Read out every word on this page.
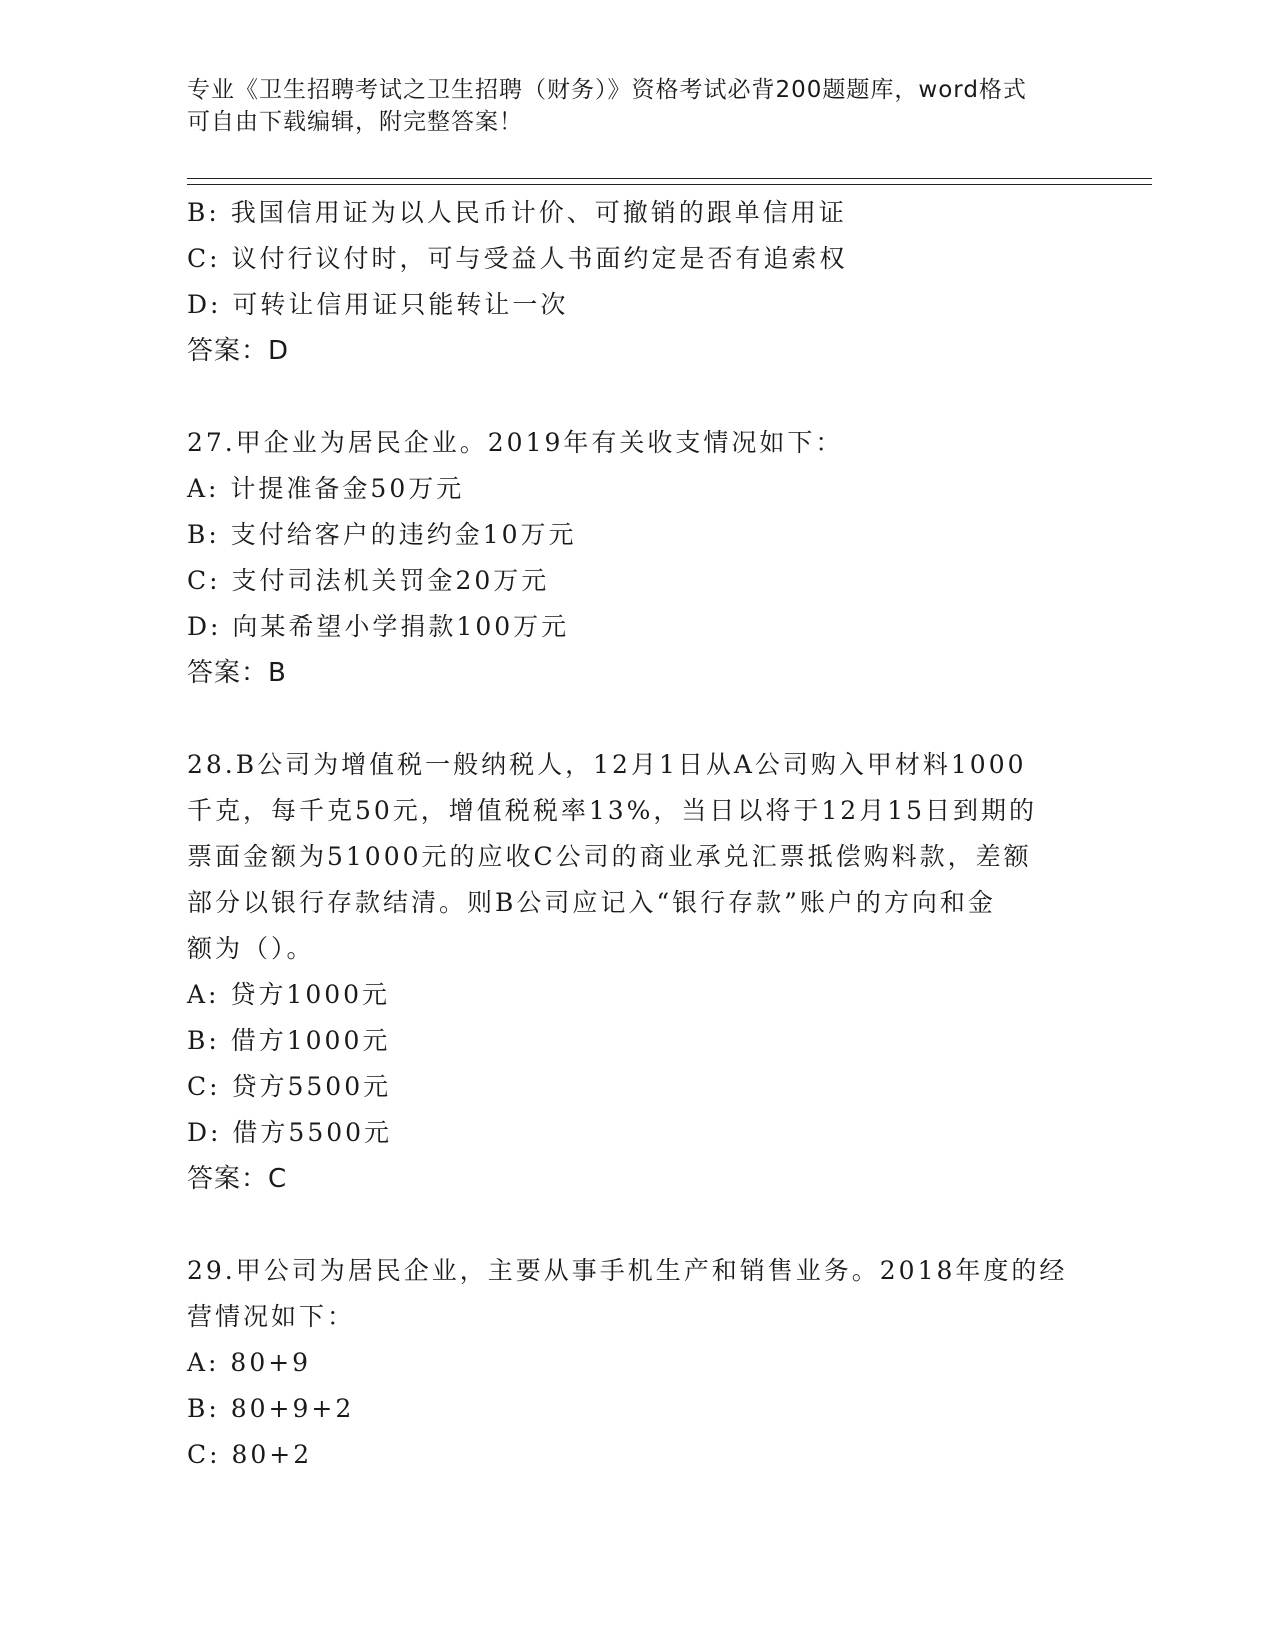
专业《卫生招聘考试之卫生招聘（财务）》资格考试必背200题题库，word格式
可自由下载编辑，附完整答案！
B: 我国信用证为以人民币计价、可撤销的跟单信用证
C: 议付行议付时，可与受益人书面约定是否有追索权
D: 可转让信用证只能转让一次
答案：D
27.甲企业为居民企业。2019年有关收支情况如下：
A: 计提准备金50万元
B: 支付给客户的违约金10万元
C: 支付司法机关罚金20万元
D: 向某希望小学捐款100万元
答案：B
28.B公司为增值税一般纳税人，12月1日从A公司购入甲材料1000
千克，每千克50元，增值税税率13%，当日以将于12月15日到期的
票面金额为51000元的应收C公司的商业承兑汇票抵偿购料款，差额
部分以银行存款结清。则B公司应记入“银行存款”账户的方向和金
额为（）。
A: 贷方1000元
B: 借方1000元
C: 贷方5500元
D: 借方5500元
答案：C
29.甲公司为居民企业，主要从事手机生产和销售业务。2018年度的经
营情况如下：
A: 80+9
B: 80+9+2
C: 80+2
